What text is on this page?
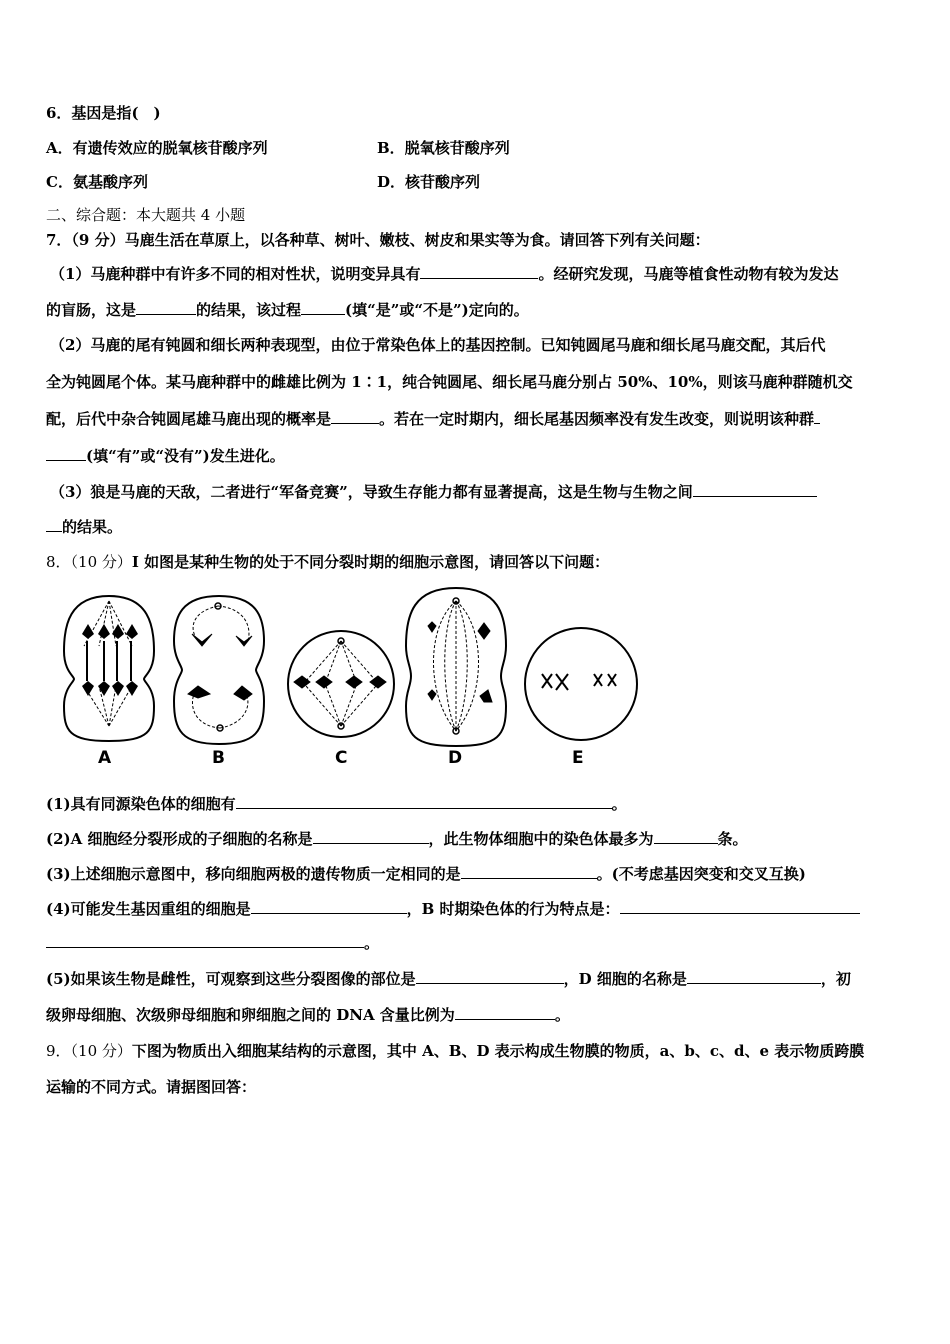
6．基因是指(　)
A．有遗传效应的脱氧核苷酸序列	B．脱氧核苷酸序列
C．氨基酸序列	D．核苷酸序列
二、综合题：本大题共 4 小题
7．（9 分）马鹿生活在草原上，以各种草、树叶、嫩枝、树皮和果实等为食。请回答下列有关问题：
（1）马鹿种群中有许多不同的相对性状，说明变异具有	。经研究发现，马鹿等植食性动物有较为发达
的盲肠，这是	的结果，该过程	(填“是”或“不是”)定向的。
（2）马鹿的尾有钝圆和细长两种表现型，由位于常染色体上的基因控制。已知钝圆尾马鹿和细长尾马鹿交配，其后代
全为钝圆尾个体。某马鹿种群中的雌雄比例为 1∶1，纯合钝圆尾、细长尾马鹿分别占 50%、10%，则该马鹿种群随机交
配，后代中杂合钝圆尾雄马鹿出现的概率是	。若在一定时期内，细长尾基因频率没有发生改变，则说明该种群
(填“有”或“没有”)发生进化。
（3）狼是马鹿的天敌，二者进行“军备竞赛”，导致生存能力都有显著提高，这是生物与生物之间
的结果。
8．（10 分）I 如图是某种生物的处于不同分裂时期的细胞示意图，请回答以下问题：
A	B	C	D	E
(1)具有同源染色体的细胞有	。
(2)A 细胞经分裂形成的子细胞的名称是	，此生物体细胞中的染色体最多为	条。
(3)上述细胞示意图中，移向细胞两极的遗传物质一定相同的是	。(不考虑基因突变和交叉互换)
(4)可能发生基因重组的细胞是	，B 时期染色体的行为特点是：
。
(5)如果该生物是雌性，可观察到这些分裂图像的部位是	，D 细胞的名称是	，初
级卵母细胞、次级卵母细胞和卵细胞之间的 DNA 含量比例为	。
9．（10 分）下图为物质出入细胞某结构的示意图，其中 A、B、D 表示构成生物膜的物质，a、b、c、d、e 表示物质跨膜
运输的不同方式。请据图回答：
